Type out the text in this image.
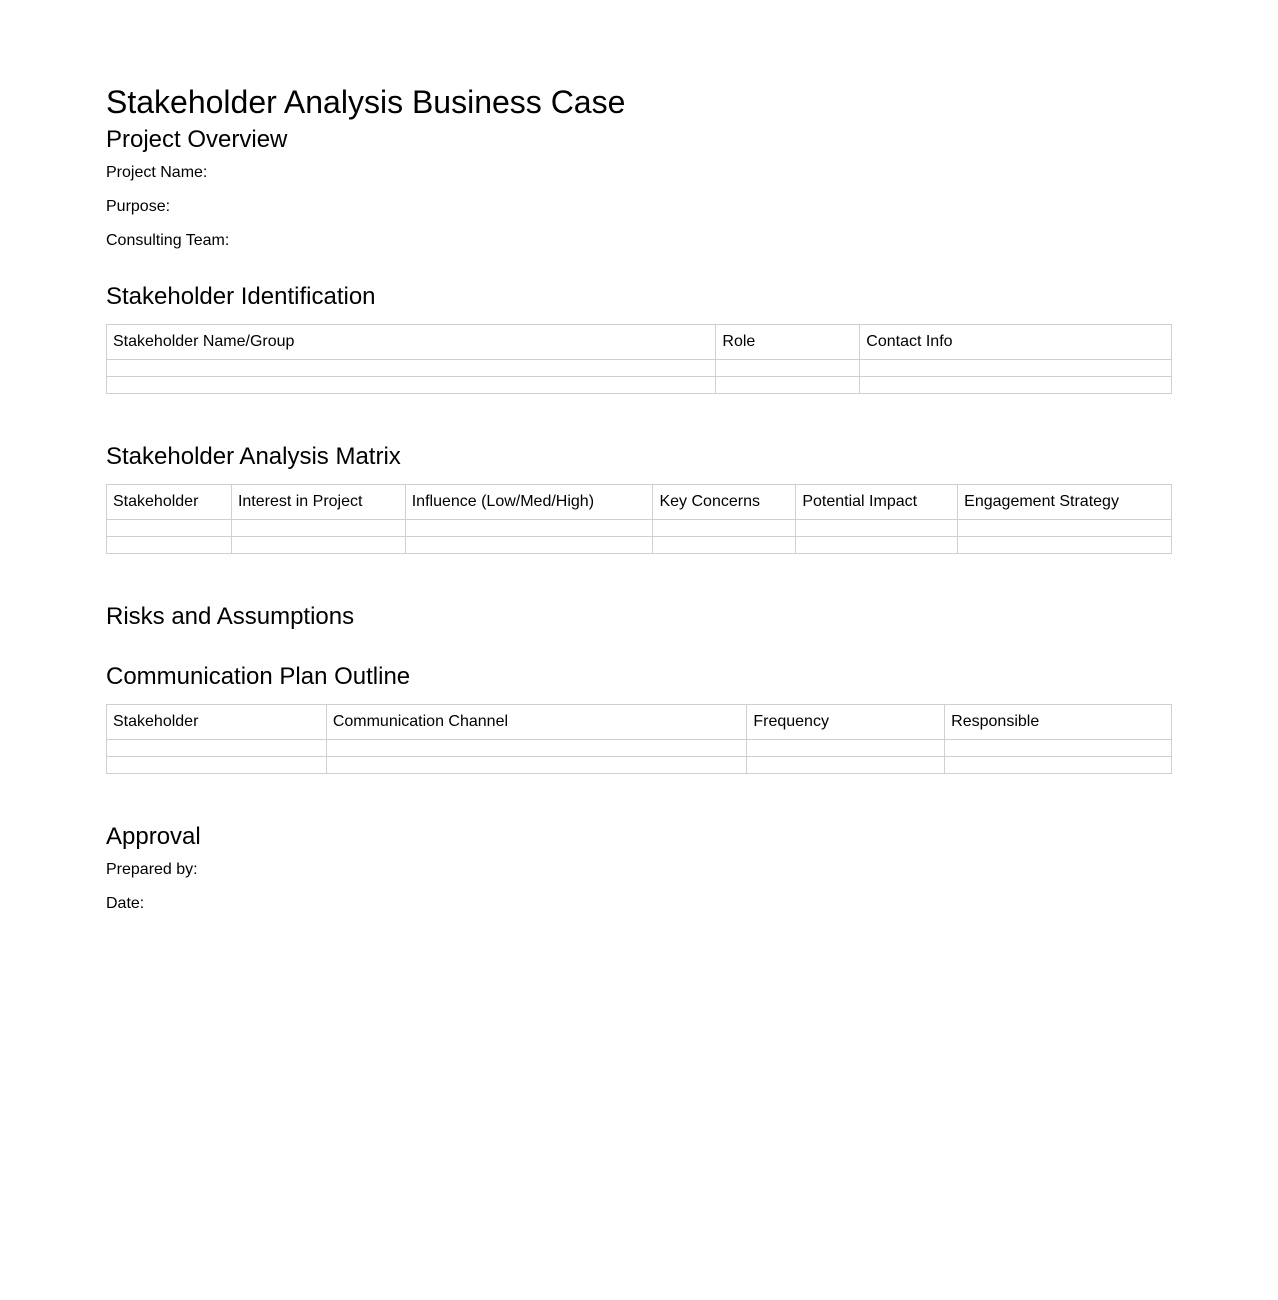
Stakeholder Analysis Business Case
Project Overview
Project Name:
Purpose:
Consulting Team:
Stakeholder Identification
Stakeholder Name/Group	Role	Contact Info

Stakeholder Analysis Matrix
Stakeholder	Interest in Project	Influence (Low/Med/High)	Key Concerns	Potential Impact	Engagement Strategy

Risks and Assumptions
Communication Plan Outline
Stakeholder	Communication Channel	Frequency	Responsible

Approval
Prepared by:
Date:
